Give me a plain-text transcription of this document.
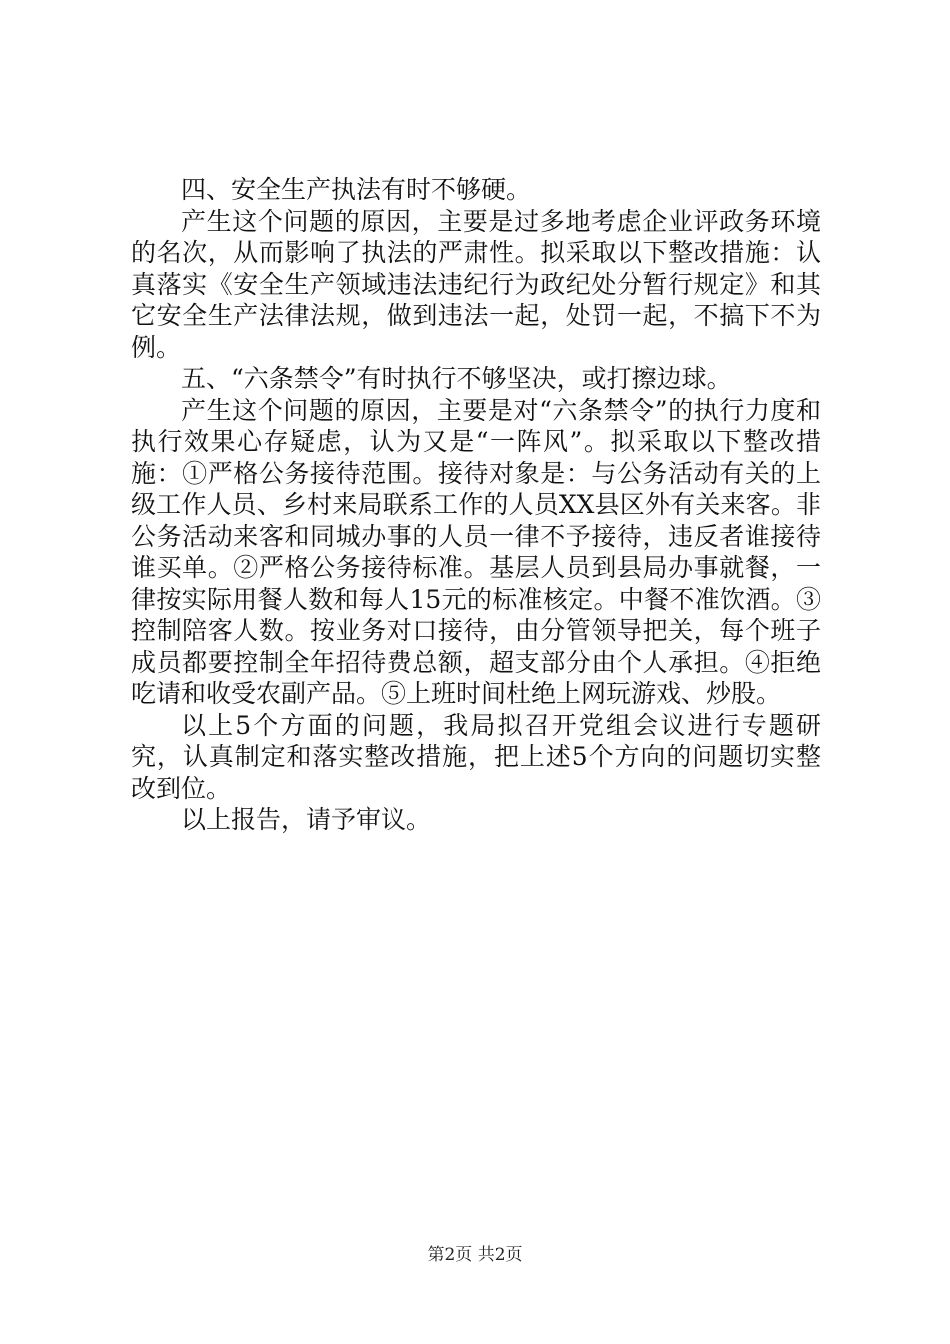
四、安全生产执法有时不够硬。

产生这个问题的原因，主要是过多地考虑企业评政务环境的名次，从而影响了执法的严肃性。拟采取以下整改措施：认真落实《安全生产领域违法违纪行为政纪处分暂行规定》和其它安全生产法律法规，做到违法一起，处罚一起，不搞下不为例。

五、“六条禁令”有时执行不够坚决，或打擦边球。

产生这个问题的原因，主要是对“六条禁令”的执行力度和执行效果心存疑虑，认为又是“一阵风”。拟采取以下整改措施：①严格公务接待范围。接待对象是：与公务活动有关的上级工作人员、乡村来局联系工作的人员XX县区外有关来客。非公务活动来客和同城办事的人员一律不予接待，违反者谁接待谁买单。②严格公务接待标准。基层人员到县局办事就餐，一律按实际用餐人数和每人15元的标准核定。中餐不准饮酒。③控制陪客人数。按业务对口接待，由分管领导把关，每个班子成员都要控制全年招待费总额，超支部分由个人承担。④拒绝吃请和收受农副产品。⑤上班时间杜绝上网玩游戏、炒股。

以上5个方面的问题，我局拟召开党组会议进行专题研究，认真制定和落实整改措施，把上述5个方向的问题切实整改到位。

以上报告，请予审议。

第2页 共2页
